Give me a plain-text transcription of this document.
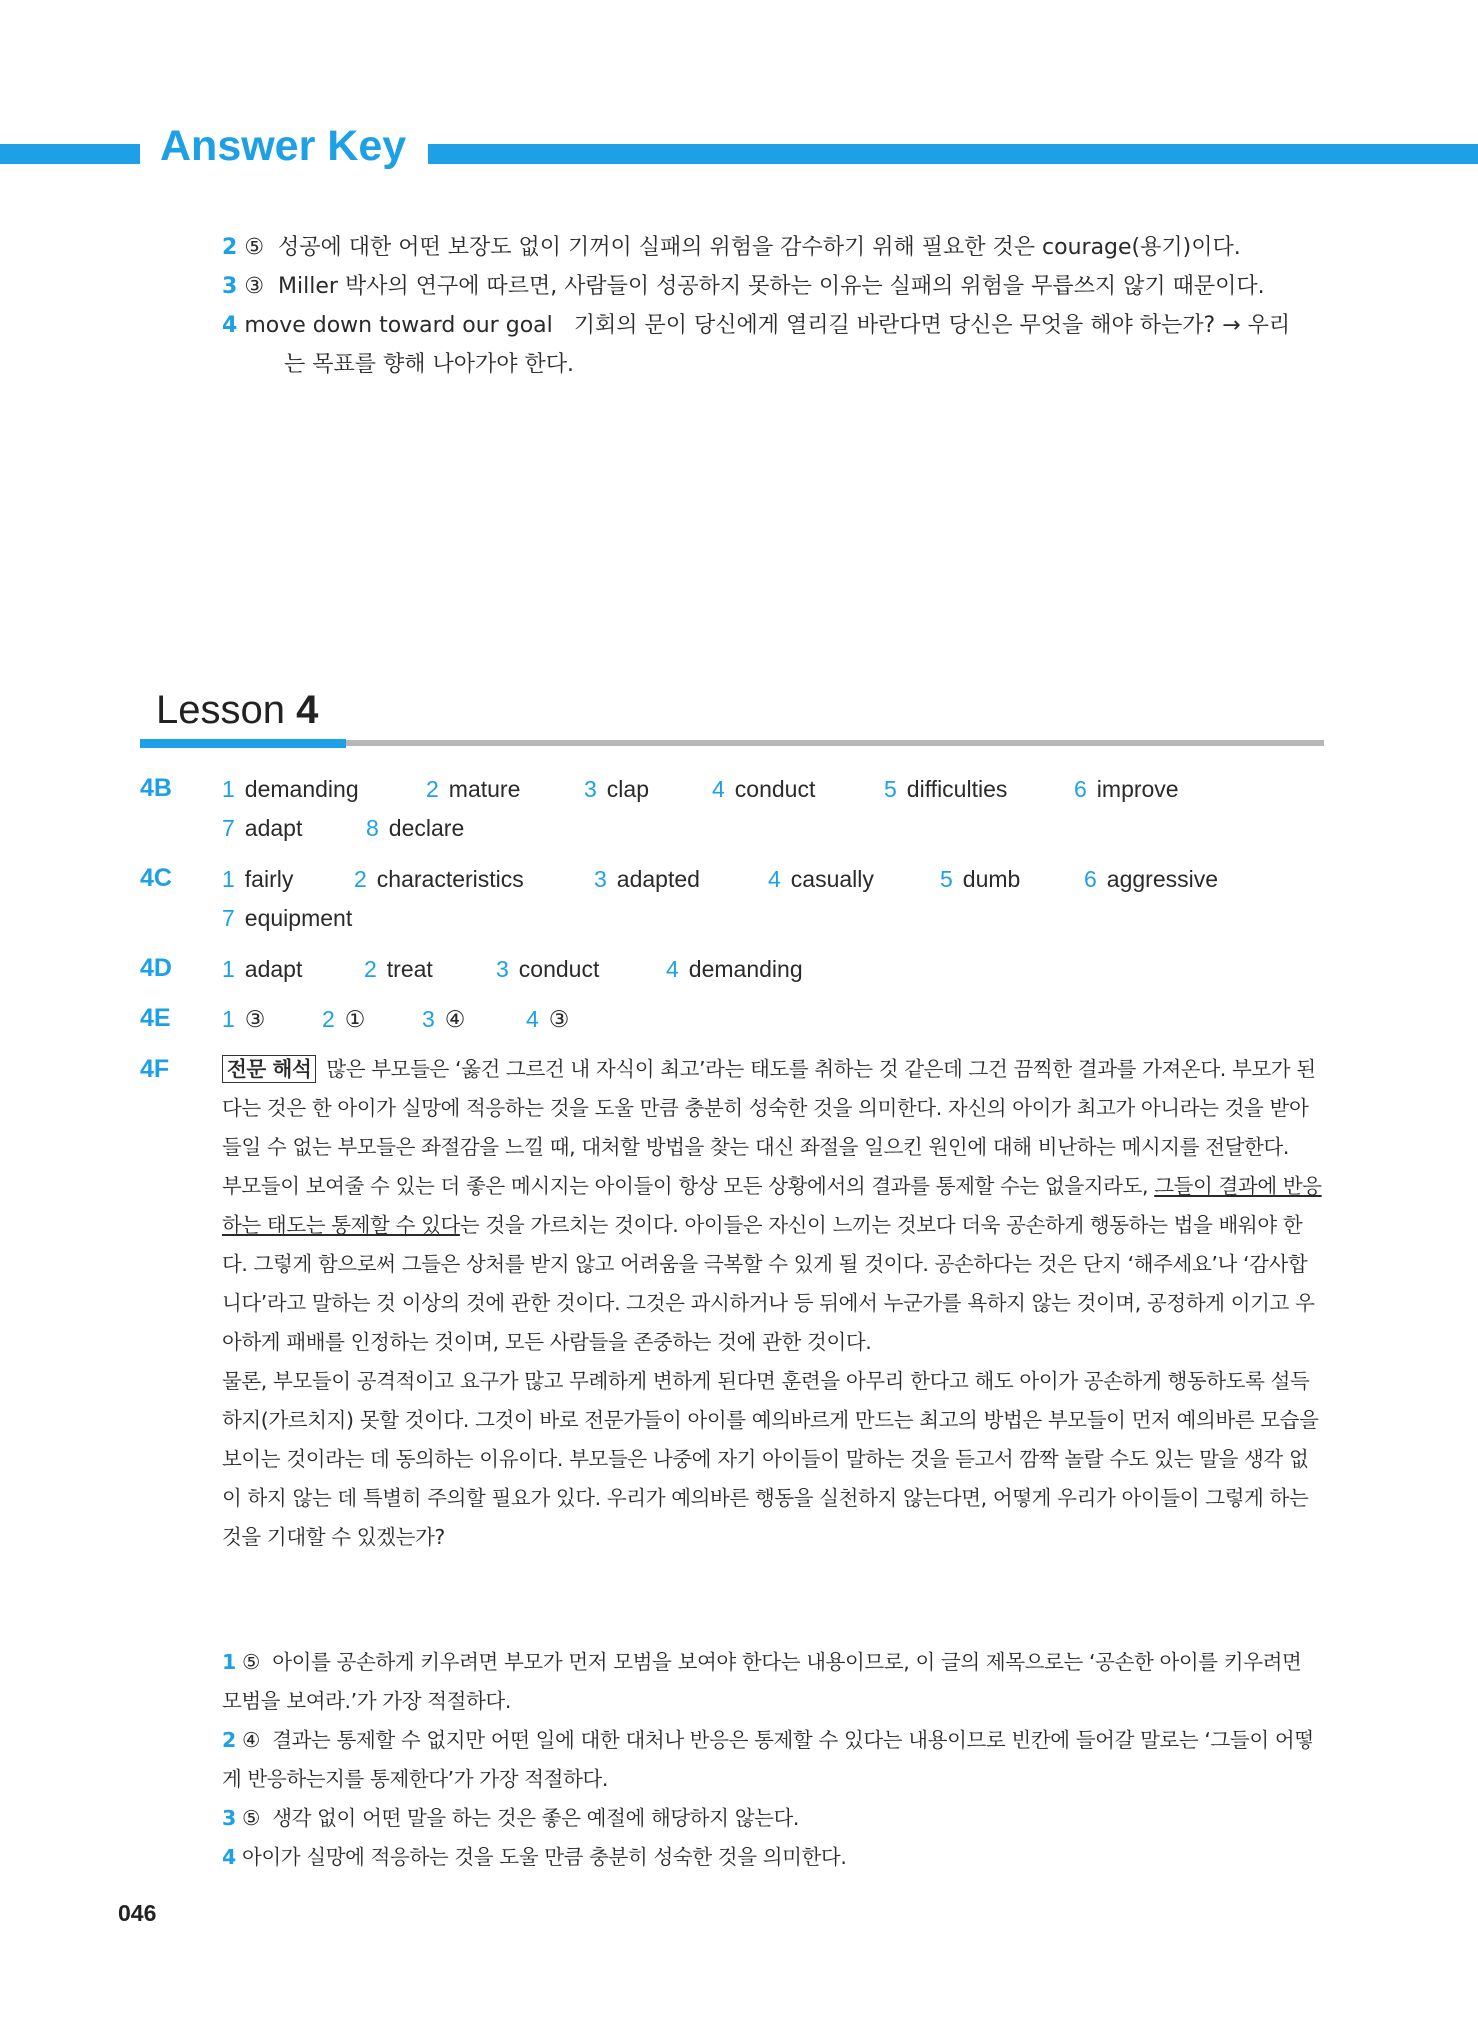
Answer Key
2 ⑤ 성공에 대한 어떤 보장도 없이 기꺼이 실패의 위험을 감수하기 위해 필요한 것은 courage(용기)이다.
3 ③ Miller 박사의 연구에 따르면, 사람들이 성공하지 못하는 이유는 실패의 위험을 무릅쓰지 않기 때문이다.
4 move down toward our goal 기회의 문이 당신에게 열리길 바란다면 당신은 무엇을 해야 하는가? → 우리
는 목표를 향해 나아가야 한다.
Lesson 4
4B 1 demanding	2 mature	3 clap	4 conduct	5 difficulties	6 improve
7 adapt	8 declare
4C 1 fairly	2 characteristics	3 adapted	4 casually	5 dumb	6 aggressive
7 equipment
4D 1 adapt	2 treat	3 conduct	4 demanding
4E 1 ③ 2 ① 3 ④	4 ③
4F	전문 해석 많은 부모들은 ‘옳건 그르건 내 자식이 최고’라는 태도를 취하는 것 같은데 그건 끔찍한 결과를 가져온다. 부모가 된다는 것은 한 아이가 실망에 적응하는 것을 도울 만큼 충분히 성숙한 것을 의미한다. 자신의 아이가 최고가 아니라는 것을 받아들일 수 없는 부모들은 좌절감을 느낄 때, 대처할 방법을 찾는 대신 좌절을 일으킨 원인에 대해 비난하는 메시지를 전달한다.

부모들이 보여줄 수 있는 더 좋은 메시지는 아이들이 항상 모든 상황에서의 결과를 통제할 수는 없을지라도, 그들이 결과에 반응하는 태도는 통제할 수 있다는 것을 가르치는 것이다. 아이들은 자신이 느끼는 것보다 더욱 공손하게 행동하는 법을 배워야 한다. 그렇게 함으로써 그들은 상처를 받지 않고 어려움을 극복할 수 있게 될 것이다. 공손하다는 것은 단지 ‘해주세요’나 ‘감사합니다’라고 말하는 것 이상의 것에 관한 것이다. 그것은 과시하거나 등 뒤에서 누군가를 욕하지 않는 것이며, 공정하게 이기고 우아하게 패배를 인정하는 것이며, 모든 사람들을 존중하는 것에 관한 것이다.

물론, 부모들이 공격적이고 요구가 많고 무례하게 변하게 된다면 훈련을 아무리 한다고 해도 아이가 공손하게 행동하도록 설득하지(가르치지) 못할 것이다. 그것이 바로 전문가들이 아이를 예의바르게 만드는 최고의 방법은 부모들이 먼저 예의바른 모습을 보이는 것이라는 데 동의하는 이유이다. 부모들은 나중에 자기 아이들이 말하는 것을 듣고서 깜짝 놀랄 수도 있는 말을 생각 없이 하지 않는 데 특별히 주의할 필요가 있다. 우리가 예의바른 행동을 실천하지 않는다면, 어떻게 우리가 아이들이 그렇게 하는 것을 기대할 수 있겠는가?

1 ⑤ 아이를 공손하게 키우려면 부모가 먼저 모범을 보여야 한다는 내용이므로, 이 글의 제목으로는 ‘공손한 아이를 키우려면 모범을 보여라.’가 가장 적절하다.
2 ④ 결과는 통제할 수 없지만 어떤 일에 대한 대처나 반응은 통제할 수 있다는 내용이므로 빈칸에 들어갈 말로는 ‘그들이 어떻게 반응하는지를 통제한다’가 가장 적절하다.
3 ⑤ 생각 없이 어떤 말을 하는 것은 좋은 예절에 해당하지 않는다.
4 아이가 실망에 적응하는 것을 도울 만큼 충분히 성숙한 것을 의미한다.
046
